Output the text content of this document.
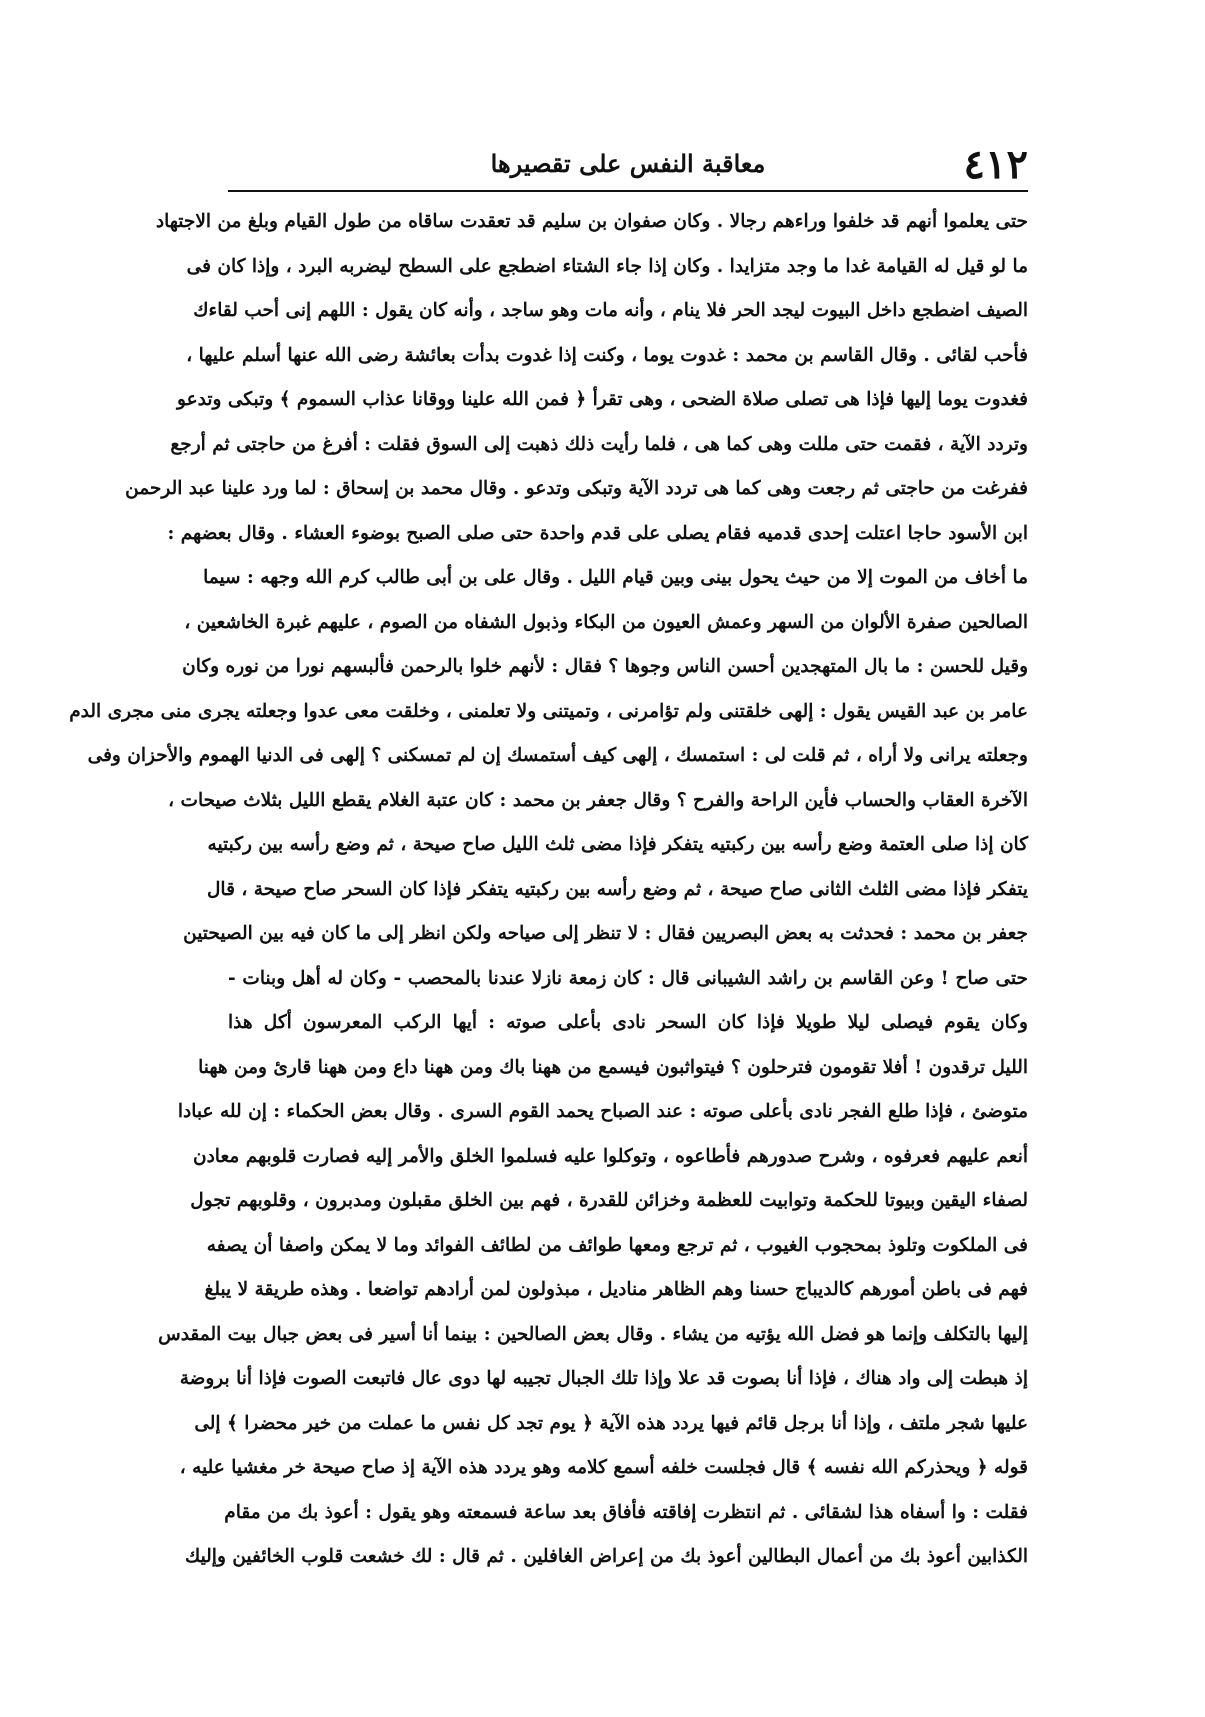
٤١٢
معاقبة النفس على تقصيرها
حتى يعلموا أنهم قد خلفوا وراءهم رجالا . وكان صفوان بن سليم قد تعقدت ساقاه من طول القيام وبلغ من الاجتهاد
ما لو قيل له القيامة غدا ما وجد متزايدا . وكان إذا جاء الشتاء اضطجع على السطح ليضربه البرد ، وإذا كان فى
الصيف اضطجع داخل البيوت ليجد الحر فلا ينام ، وأنه مات وهو ساجد ، وأنه كان يقول : اللهم إنى أحب لقاءك
فأحب لقائى . وقال القاسم بن محمد : غدوت يوما ، وكنت إذا غدوت بدأت بعائشة رضى الله عنها أسلم عليها ،
فغدوت يوما إليها فإذا هى تصلى صلاة الضحى ، وهى تقرأ ﴿ فمن الله علينا ووقانا عذاب السموم ﴾ وتبكى وتدعو
وتردد الآية ، فقمت حتى مللت وهى كما هى ، فلما رأيت ذلك ذهبت إلى السوق فقلت : أفرغ من حاجتى ثم أرجع
ففرغت من حاجتى ثم رجعت وهى كما هى تردد الآية وتبكى وتدعو . وقال محمد بن إسحاق : لما ورد علينا عبد الرحمن
ابن الأسود حاجا اعتلت إحدى قدميه فقام يصلى على قدم واحدة حتى صلى الصبح بوضوء العشاء . وقال بعضهم :
ما أخاف من الموت إلا من حيث يحول بينى وبين قيام الليل . وقال على بن أبى طالب كرم الله وجهه : سيما
الصالحين صفرة الألوان من السهر وعمش العيون من البكاء وذبول الشفاه من الصوم ، عليهم غبرة الخاشعين ،
وقيل للحسن : ما بال المتهجدين أحسن الناس وجوها ؟ فقال : لأنهم خلوا بالرحمن فألبسهم نورا من نوره وكان
عامر بن عبد القيس يقول : إلهى خلقتنى ولم تؤامرنى ، وتميتنى ولا تعلمنى ، وخلقت معى عدوا وجعلته يجرى منى مجرى الدم
وجعلته يرانى ولا أراه ، ثم قلت لى : استمسك ، إلهى كيف أستمسك إن لم تمسكنى ؟ إلهى فى الدنيا الهموم والأحزان وفى
الآخرة العقاب والحساب فأين الراحة والفرح ؟ وقال جعفر بن محمد : كان عتبة الغلام يقطع الليل بثلاث صيحات ،
كان إذا صلى العتمة وضع رأسه بين ركبتيه يتفكر فإذا مضى ثلث الليل صاح صيحة ، ثم وضع رأسه بين ركبتيه
يتفكر فإذا مضى الثلث الثانى صاح صيحة ، ثم وضع رأسه بين ركبتيه يتفكر فإذا كان السحر صاح صيحة ، قال
جعفر بن محمد : فحدثت به بعض البصريين فقال : لا تنظر إلى صياحه ولكن انظر إلى ما كان فيه بين الصيحتين
حتى صاح ! وعن القاسم بن راشد الشيبانى قال : كان زمعة نازلا عندنا بالمحصب - وكان له أهل وبنات -
وكان يقوم فيصلى ليلا طويلا فإذا كان السحر نادى بأعلى صوته : أيها الركب المعرسون أكل هذا
الليل ترقدون ! أفلا تقومون فترحلون ؟ فيتواثبون فيسمع من ههنا باك ومن ههنا داع ومن ههنا قارئ ومن ههنا
متوضئ ، فإذا طلع الفجر نادى بأعلى صوته : عند الصباح يحمد القوم السرى . وقال بعض الحكماء : إن لله عبادا
أنعم عليهم فعرفوه ، وشرح صدورهم فأطاعوه ، وتوكلوا عليه فسلموا الخلق والأمر إليه فصارت قلوبهم معادن
لصفاء اليقين وبيوتا للحكمة وتوابيت للعظمة وخزائن للقدرة ، فهم بين الخلق مقبلون ومدبرون ، وقلوبهم تجول
فى الملكوت وتلوذ بمحجوب الغيوب ، ثم ترجع ومعها طوائف من لطائف الفوائد وما لا يمكن واصفا أن يصفه
فهم فى باطن أمورهم كالديباج حسنا وهم الظاهر مناديل ، مبذولون لمن أرادهم تواضعا . وهذه طريقة لا يبلغ
إليها بالتكلف وإنما هو فضل الله يؤتيه من يشاء . وقال بعض الصالحين : بينما أنا أسير فى بعض جبال بيت المقدس
إذ هبطت إلى واد هناك ، فإذا أنا بصوت قد علا وإذا تلك الجبال تجيبه لها دوى عال فاتبعت الصوت فإذا أنا بروضة
عليها شجر ملتف ، وإذا أنا برجل قائم فيها يردد هذه الآية ﴿ يوم تجد كل نفس ما عملت من خير محضرا ﴾ إلى
قوله ﴿ ويحذركم الله نفسه ﴾ قال فجلست خلفه أسمع كلامه وهو يردد هذه الآية إذ صاح صيحة خر مغشيا عليه ،
فقلت : وا أسفاه هذا لشقائى . ثم انتظرت إفاقته فأفاق بعد ساعة فسمعته وهو يقول : أعوذ بك من مقام
الكذابين أعوذ بك من أعمال البطالين أعوذ بك من إعراض الغافلين . ثم قال : لك خشعت قلوب الخائفين وإليك
